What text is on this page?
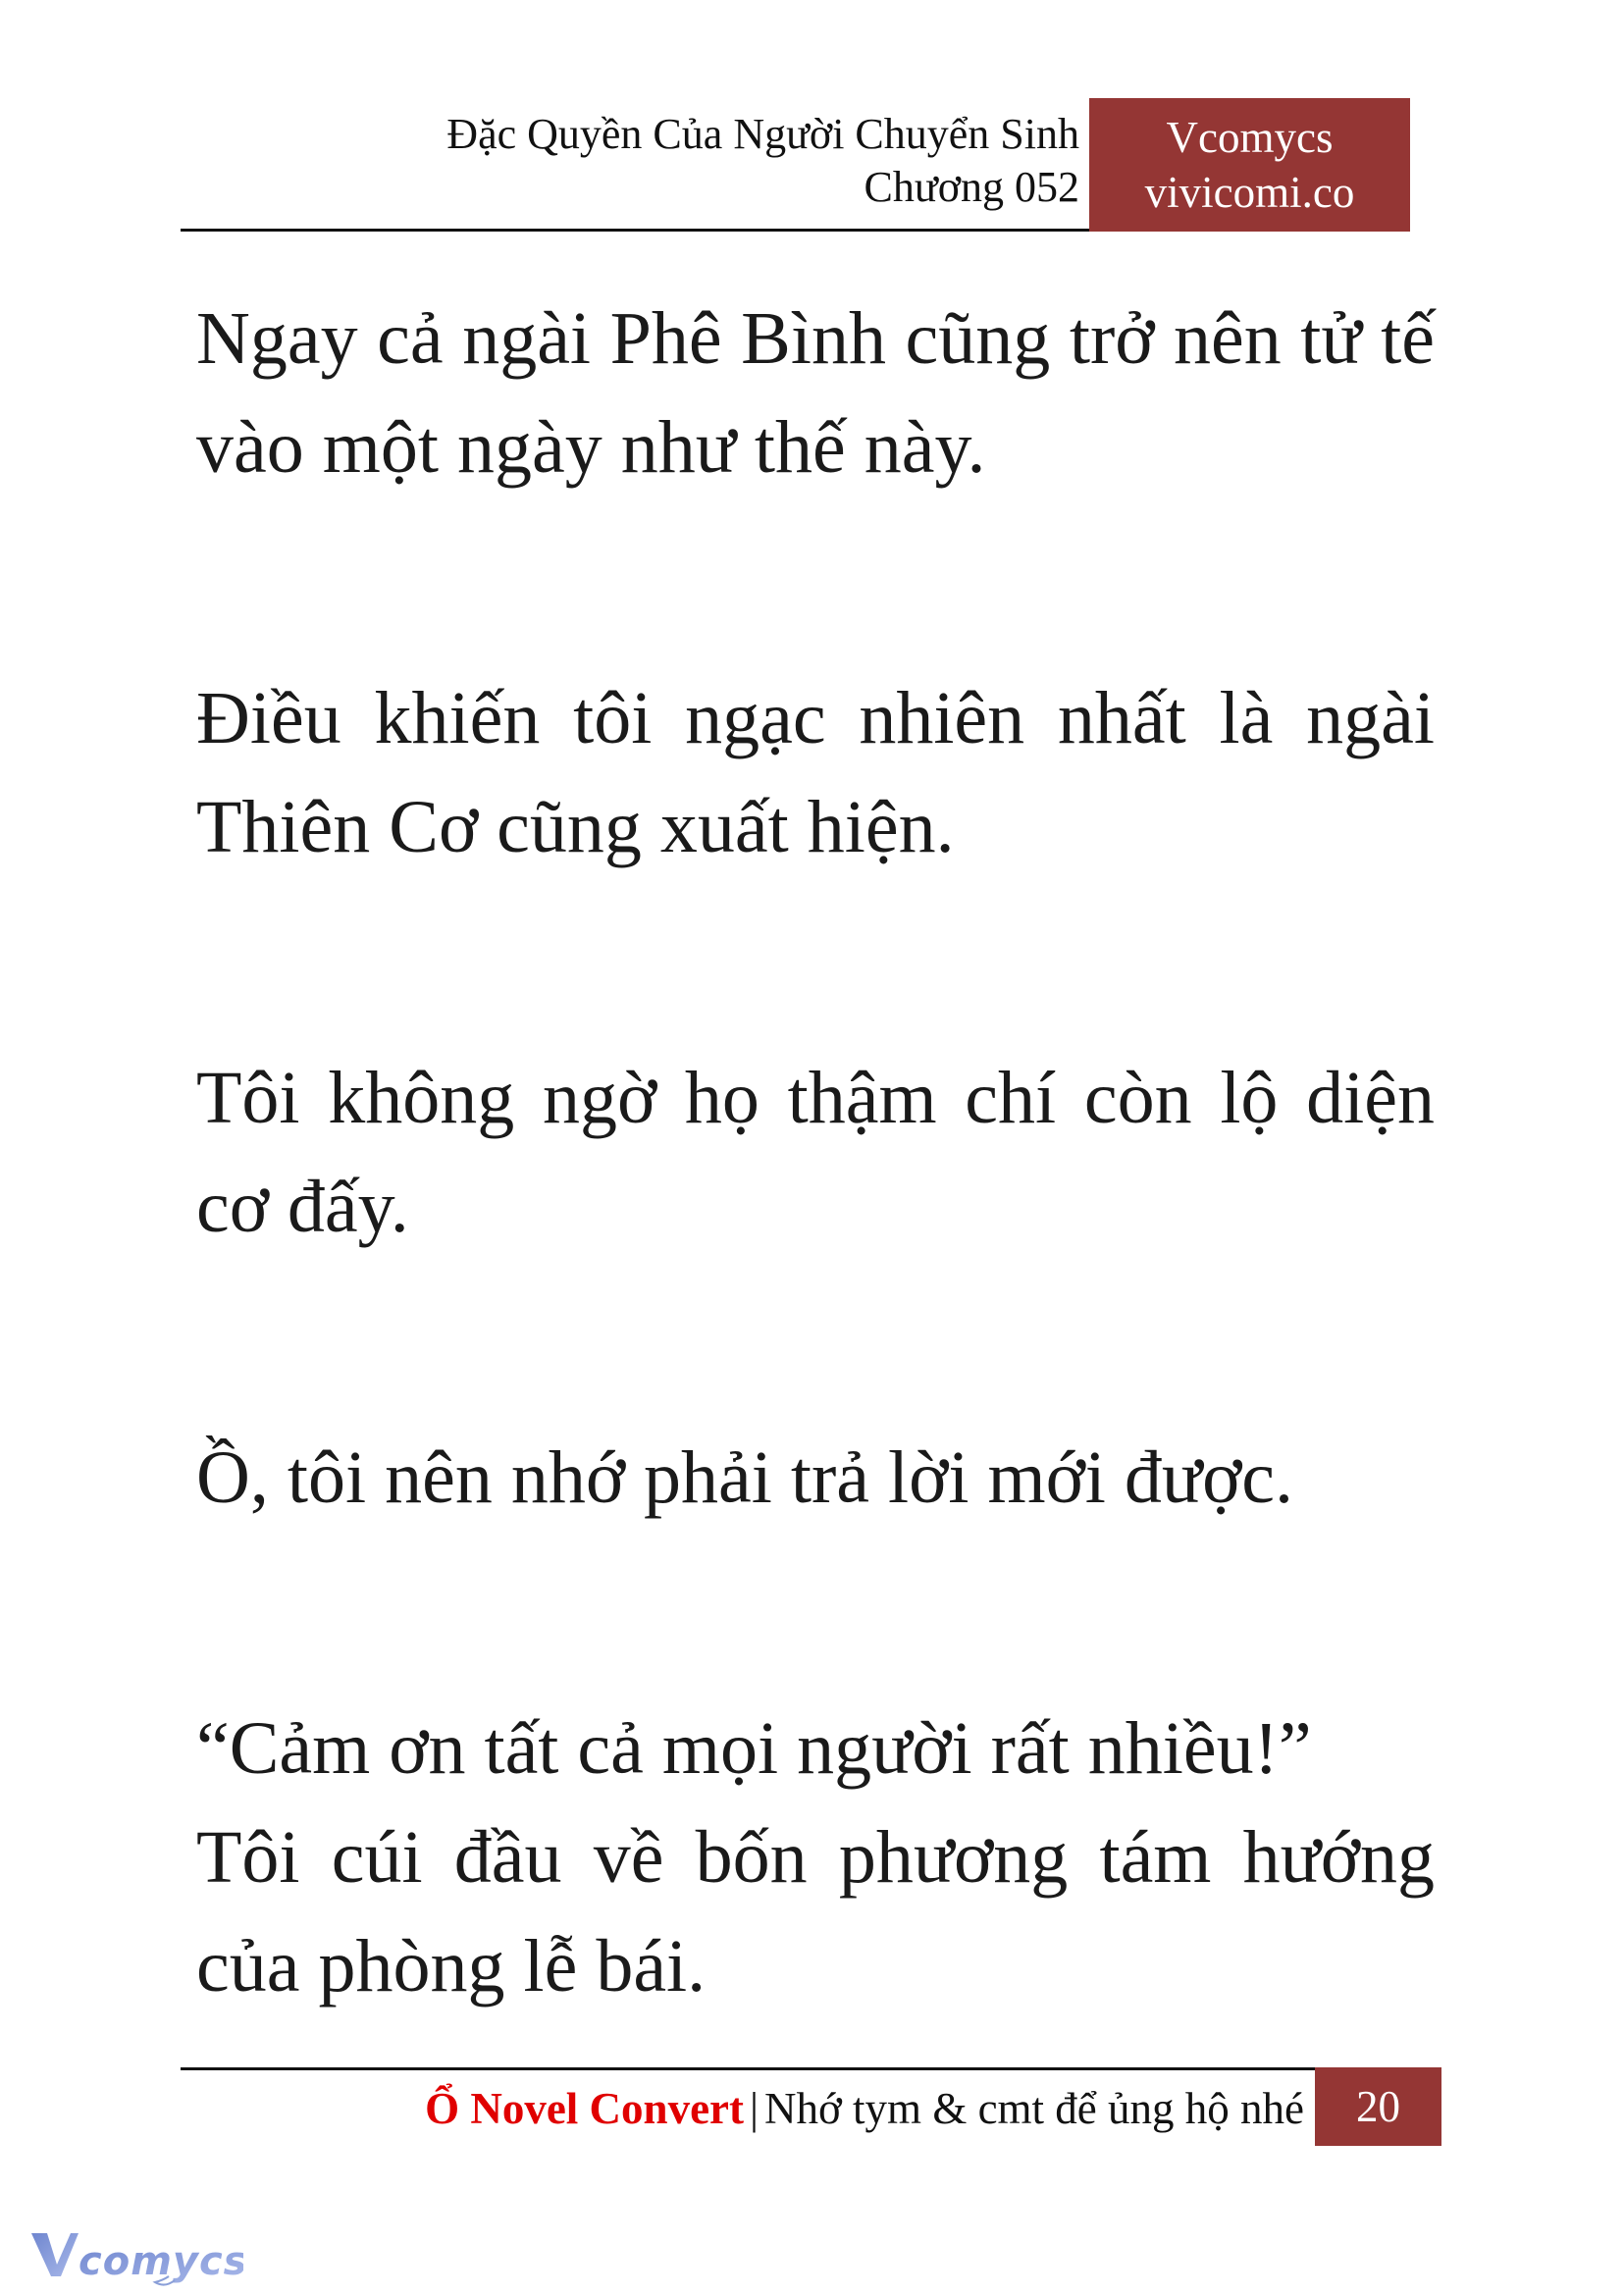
Đặc Quyền Của Người Chuyển Sinh
Chương 052
Vcomycs
vivicomi.co

Ngay cả ngài Phê Bình cũng trở nên tử tế vào một ngày như thế này.

Điều khiến tôi ngạc nhiên nhất là ngài Thiên Cơ cũng xuất hiện.

Tôi không ngờ họ thậm chí còn lộ diện cơ đấy.

Ồ, tôi nên nhớ phải trả lời mới được.

“Cảm ơn tất cả mọi người rất nhiều!”

Tôi cúi đầu về bốn phương tám hướng của phòng lễ bái.

Ổ Novel Convert | Nhớ tym & cmt để ủng hộ nhé	20
comycs
